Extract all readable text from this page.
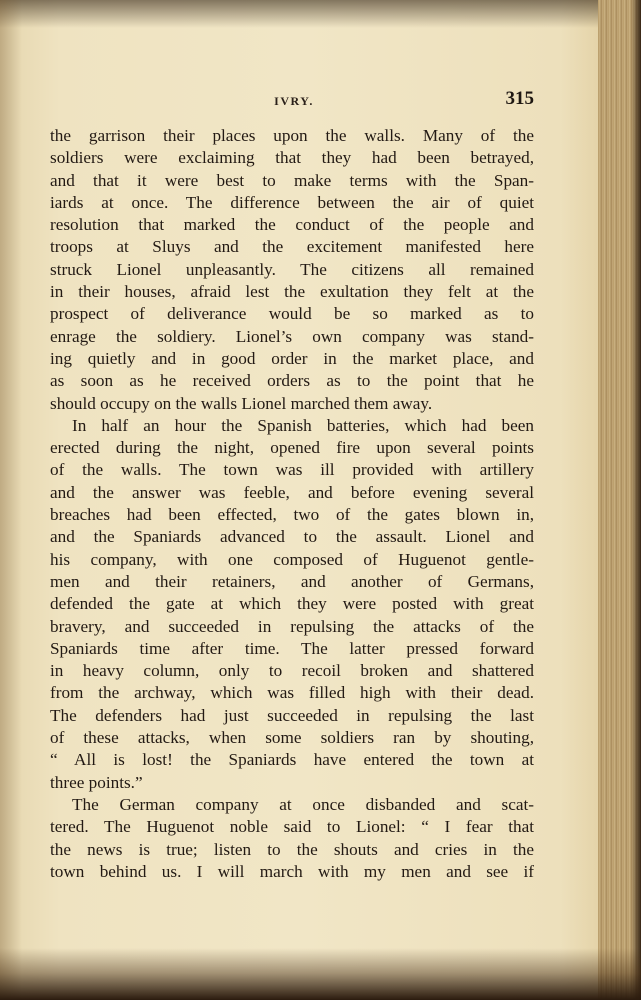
IVRY.	315
the garrison their places upon the walls. Many of the
soldiers were exclaiming that they had been betrayed,
and that it were best to make terms with the Span-
iards at once. The difference between the air of quiet
resolution that marked the conduct of the people and
troops at Sluys and the excitement manifested here
struck Lionel unpleasantly. The citizens all remained
in their houses, afraid lest the exultation they felt at the
prospect of deliverance would be so marked as to
enrage the soldiery. Lionel’s own company was stand-
ing quietly and in good order in the market place, and
as soon as he received orders as to the point that he
should occupy on the walls Lionel marched them away.
In half an hour the Spanish batteries, which had been
erected during the night, opened fire upon several points
of the walls. The town was ill provided with artillery
and the answer was feeble, and before evening several
breaches had been effected, two of the gates blown in,
and the Spaniards advanced to the assault. Lionel and
his company, with one composed of Huguenot gentle-
men and their retainers, and another of Germans,
defended the gate at which they were posted with great
bravery, and succeeded in repulsing the attacks of the
Spaniards time after time. The latter pressed forward
in heavy column, only to recoil broken and shattered
from the archway, which was filled high with their dead.
The defenders had just succeeded in repulsing the last
of these attacks, when some soldiers ran by shouting,
“ All is lost! the Spaniards have entered the town at
three points.”
The German company at once disbanded and scat-
tered. The Huguenot noble said to Lionel: “ I fear that
the news is true; listen to the shouts and cries in the
town behind us. I will march with my men and see if
